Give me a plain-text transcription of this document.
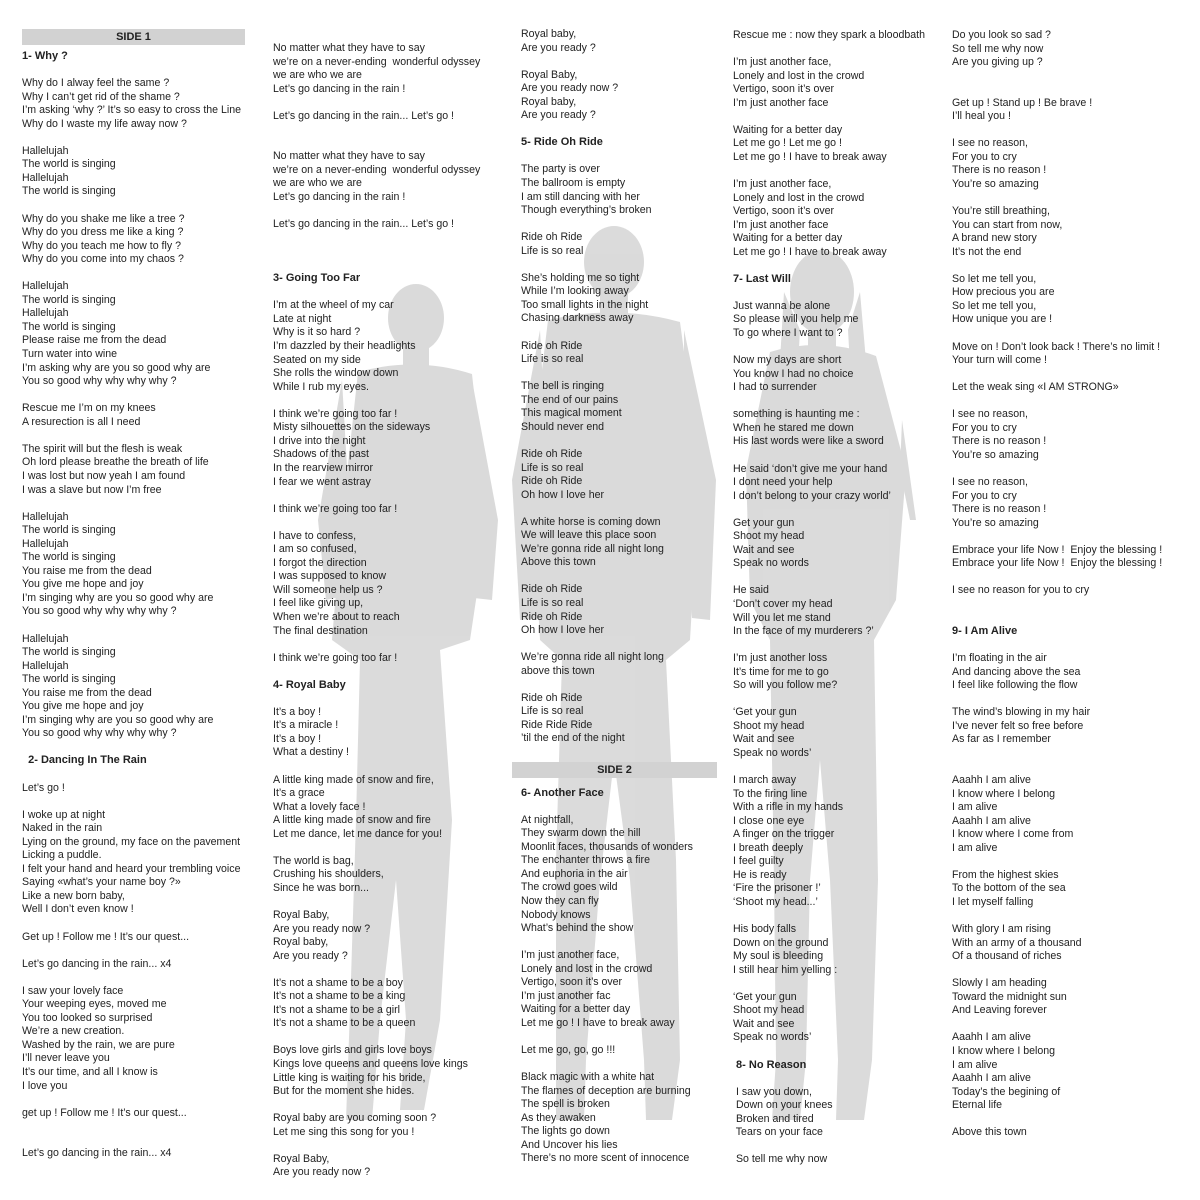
SIDE 1
SIDE 2
1- Why ?
Why do I alway feel the same ?
Why I can’t get rid of the shame ?
I’m asking ‘why ?’ It’s so easy to cross the Line
Why do I waste my life away now ?
Hallelujah
The world is singing
Hallelujah
The world is singing
Why do you shake me like a tree ?
Why do you dress me like a king ?
Why do you teach me how to fly ?
Why do you come into my chaos ?
Hallelujah
The world is singing
Hallelujah
The world is singing
Please raise me from the dead
Turn water into wine
I’m asking why are you so good why are
You so good why why why why ?
Rescue me I’m on my knees
A resurection is all I need
The spirit will but the flesh is weak
Oh lord please breathe the breath of life
I was lost but now yeah I am found
I was a slave but now I’m free
Hallelujah
The world is singing
Hallelujah
The world is singing
You raise me from the dead
You give me hope and joy
I’m singing why are you so good why are
You so good why why why why ?
Hallelujah
The world is singing
Hallelujah
The world is singing
You raise me from the dead
You give me hope and joy
I’m singing why are you so good why are
You so good why why why why ?
2- Dancing In The Rain
Let’s go !
I woke up at night
Naked in the rain
Lying on the ground, my face on the pavement
Licking a puddle.
I felt your hand and heard your trembling voice
Saying «what’s your name boy ?»
Like a new born baby,
Well I don’t even know !
Get up ! Follow me ! It’s our quest...
Let’s go dancing in the rain... x4
I saw your lovely face
Your weeping eyes, moved me
You too looked so surprised
We’re a new creation.
Washed by the rain, we are pure
I’ll never leave you
It’s our time, and all I know is
I love you
get up ! Follow me ! It’s our quest...
Let’s go dancing in the rain... x4
No matter what they have to say
we’re on a never-ending  wonderful odyssey
we are who we are
Let’s go dancing in the rain !
Let’s go dancing in the rain... Let’s go !
No matter what they have to say
we’re on a never-ending  wonderful odyssey
we are who we are
Let’s go dancing in the rain !
Let’s go dancing in the rain... Let’s go !
3- Going Too Far
I’m at the wheel of my car
Late at night
Why is it so hard ?
I’m dazzled by their headlights
Seated on my side
She rolls the window down
While I rub my eyes.
I think we’re going too far !
Misty silhouettes on the sideways
I drive into the night
Shadows of the past
In the rearview mirror
I fear we went astray
I think we’re going too far !
I have to confess,
I am so confused,
I forgot the direction
I was supposed to know
Will someone help us ?
I feel like giving up,
When we’re about to reach
The final destination
I think we’re going too far !
4- Royal Baby
It’s a boy !
It’s a miracle !
It’s a boy !
What a destiny !
A little king made of snow and fire,
It’s a grace
What a lovely face !
A little king made of snow and fire
Let me dance, let me dance for you!
The world is bag,
Crushing his shoulders,
Since he was born...
Royal Baby,
Are you ready now ?
Royal baby,
Are you ready ?
It’s not a shame to be a boy
It’s not a shame to be a king
It’s not a shame to be a girl
It’s not a shame to be a queen
Boys love girls and girls love boys
Kings love queens and queens love kings
Little king is waiting for his bride,
But for the moment she hides.
Royal baby are you coming soon ?
Let me sing this song for you !
Royal Baby,
Are you ready now ?
Royal baby,
Are you ready ?
Royal Baby,
Are you ready now ?
Royal baby,
Are you ready ?
5- Ride Oh Ride
The party is over
The ballroom is empty
I am still dancing with her
Though everything’s broken
Ride oh Ride
Life is so real
She’s holding me so tight
While I’m looking away
Too small lights in the night
Chasing darkness away
Ride oh Ride
Life is so real
The bell is ringing
The end of our pains
This magical moment
Should never end
Ride oh Ride
Life is so real
Ride oh Ride
Oh how I love her
A white horse is coming down
We will leave this place soon
We’re gonna ride all night long
Above this town
Ride oh Ride
Life is so real
Ride oh Ride
Oh how I love her
We’re gonna ride all night long
above this town
Ride oh Ride
Life is so real
Ride Ride Ride
’til the end of the night
6- Another Face
At nightfall,
They swarm down the hill
Moonlit faces, thousands of wonders
The enchanter throws a fire
And euphoria in the air
The crowd goes wild
Now they can fly
Nobody knows
What’s behind the show
I’m just another face,
Lonely and lost in the crowd
Vertigo, soon it’s over
I’m just another fac
Waiting for a better day
Let me go ! I have to break away
Let me go, go, go !!!
Black magic with a white hat
The flames of deception are burning
The spell is broken
As they awaken
The lights go down
And Uncover his lies
There’s no more scent of innocence
Rescue me : now they spark a bloodbath
I’m just another face,
Lonely and lost in the crowd
Vertigo, soon it’s over
I’m just another face
Waiting for a better day
Let me go ! Let me go !
Let me go ! I have to break away
I’m just another face,
Lonely and lost in the crowd
Vertigo, soon it’s over
I’m just another face
Waiting for a better day
Let me go ! I have to break away
7- Last Will
Just wanna be alone
So please will you help me
To go where I want to ?
Now my days are short
You know I had no choice
I had to surrender
something is haunting me :
When he stared me down
His last words were like a sword
He said ‘don’t give me your hand
I dont need your help
I don’t belong to your crazy world’
Get your gun
Shoot my head
Wait and see
Speak no words
He said
‘Don’t cover my head
Will you let me stand
In the face of my murderers ?’
I’m just another loss
It’s time for me to go
So will you follow me?
‘Get your gun
Shoot my head
Wait and see
Speak no words’
I march away
To the firing line
With a rifle in my hands
I close one eye
A finger on the trigger
I breath deeply
I feel guilty
He is ready
‘Fire the prisoner !’
‘Shoot my head...’
His body falls
Down on the ground
My soul is bleeding
I still hear him yelling :
‘Get your gun
Shoot my head
Wait and see
Speak no words’
8- No Reason
I saw you down,
Down on your knees
Broken and tired
Tears on your face
So tell me why now
Do you look so sad ?
So tell me why now
Are you giving up ?
Get up ! Stand up ! Be brave !
I’ll heal you !
I see no reason,
For you to cry
There is no reason !
You’re so amazing
You’re still breathing,
You can start from now,
A brand new story
It’s not the end
So let me tell you,
How precious you are
So let me tell you,
How unique you are !
Move on ! Don’t look back ! There’s no limit !
Your turn will come !
Let the weak sing «I AM STRONG»
I see no reason,
For you to cry
There is no reason !
You’re so amazing
I see no reason,
For you to cry
There is no reason !
You’re so amazing
Embrace your life Now !  Enjoy the blessing !
Embrace your life Now !  Enjoy the blessing !
I see no reason for you to cry
9- I Am Alive
I’m floating in the air
And dancing above the sea
I feel like following the flow
The wind’s blowing in my hair
I’ve never felt so free before
As far as I remember
Aaahh I am alive
I know where I belong
I am alive
Aaahh I am alive
I know where I come from
I am alive
From the highest skies
To the bottom of the sea
I let myself falling
With glory I am rising
With an army of a thousand
Of a thousand of riches
Slowly I am heading
Toward the midnight sun
And Leaving forever
Aaahh I am alive
I know where I belong
I am alive
Aaahh I am alive
Today’s the begining of
Eternal life
Above this town
